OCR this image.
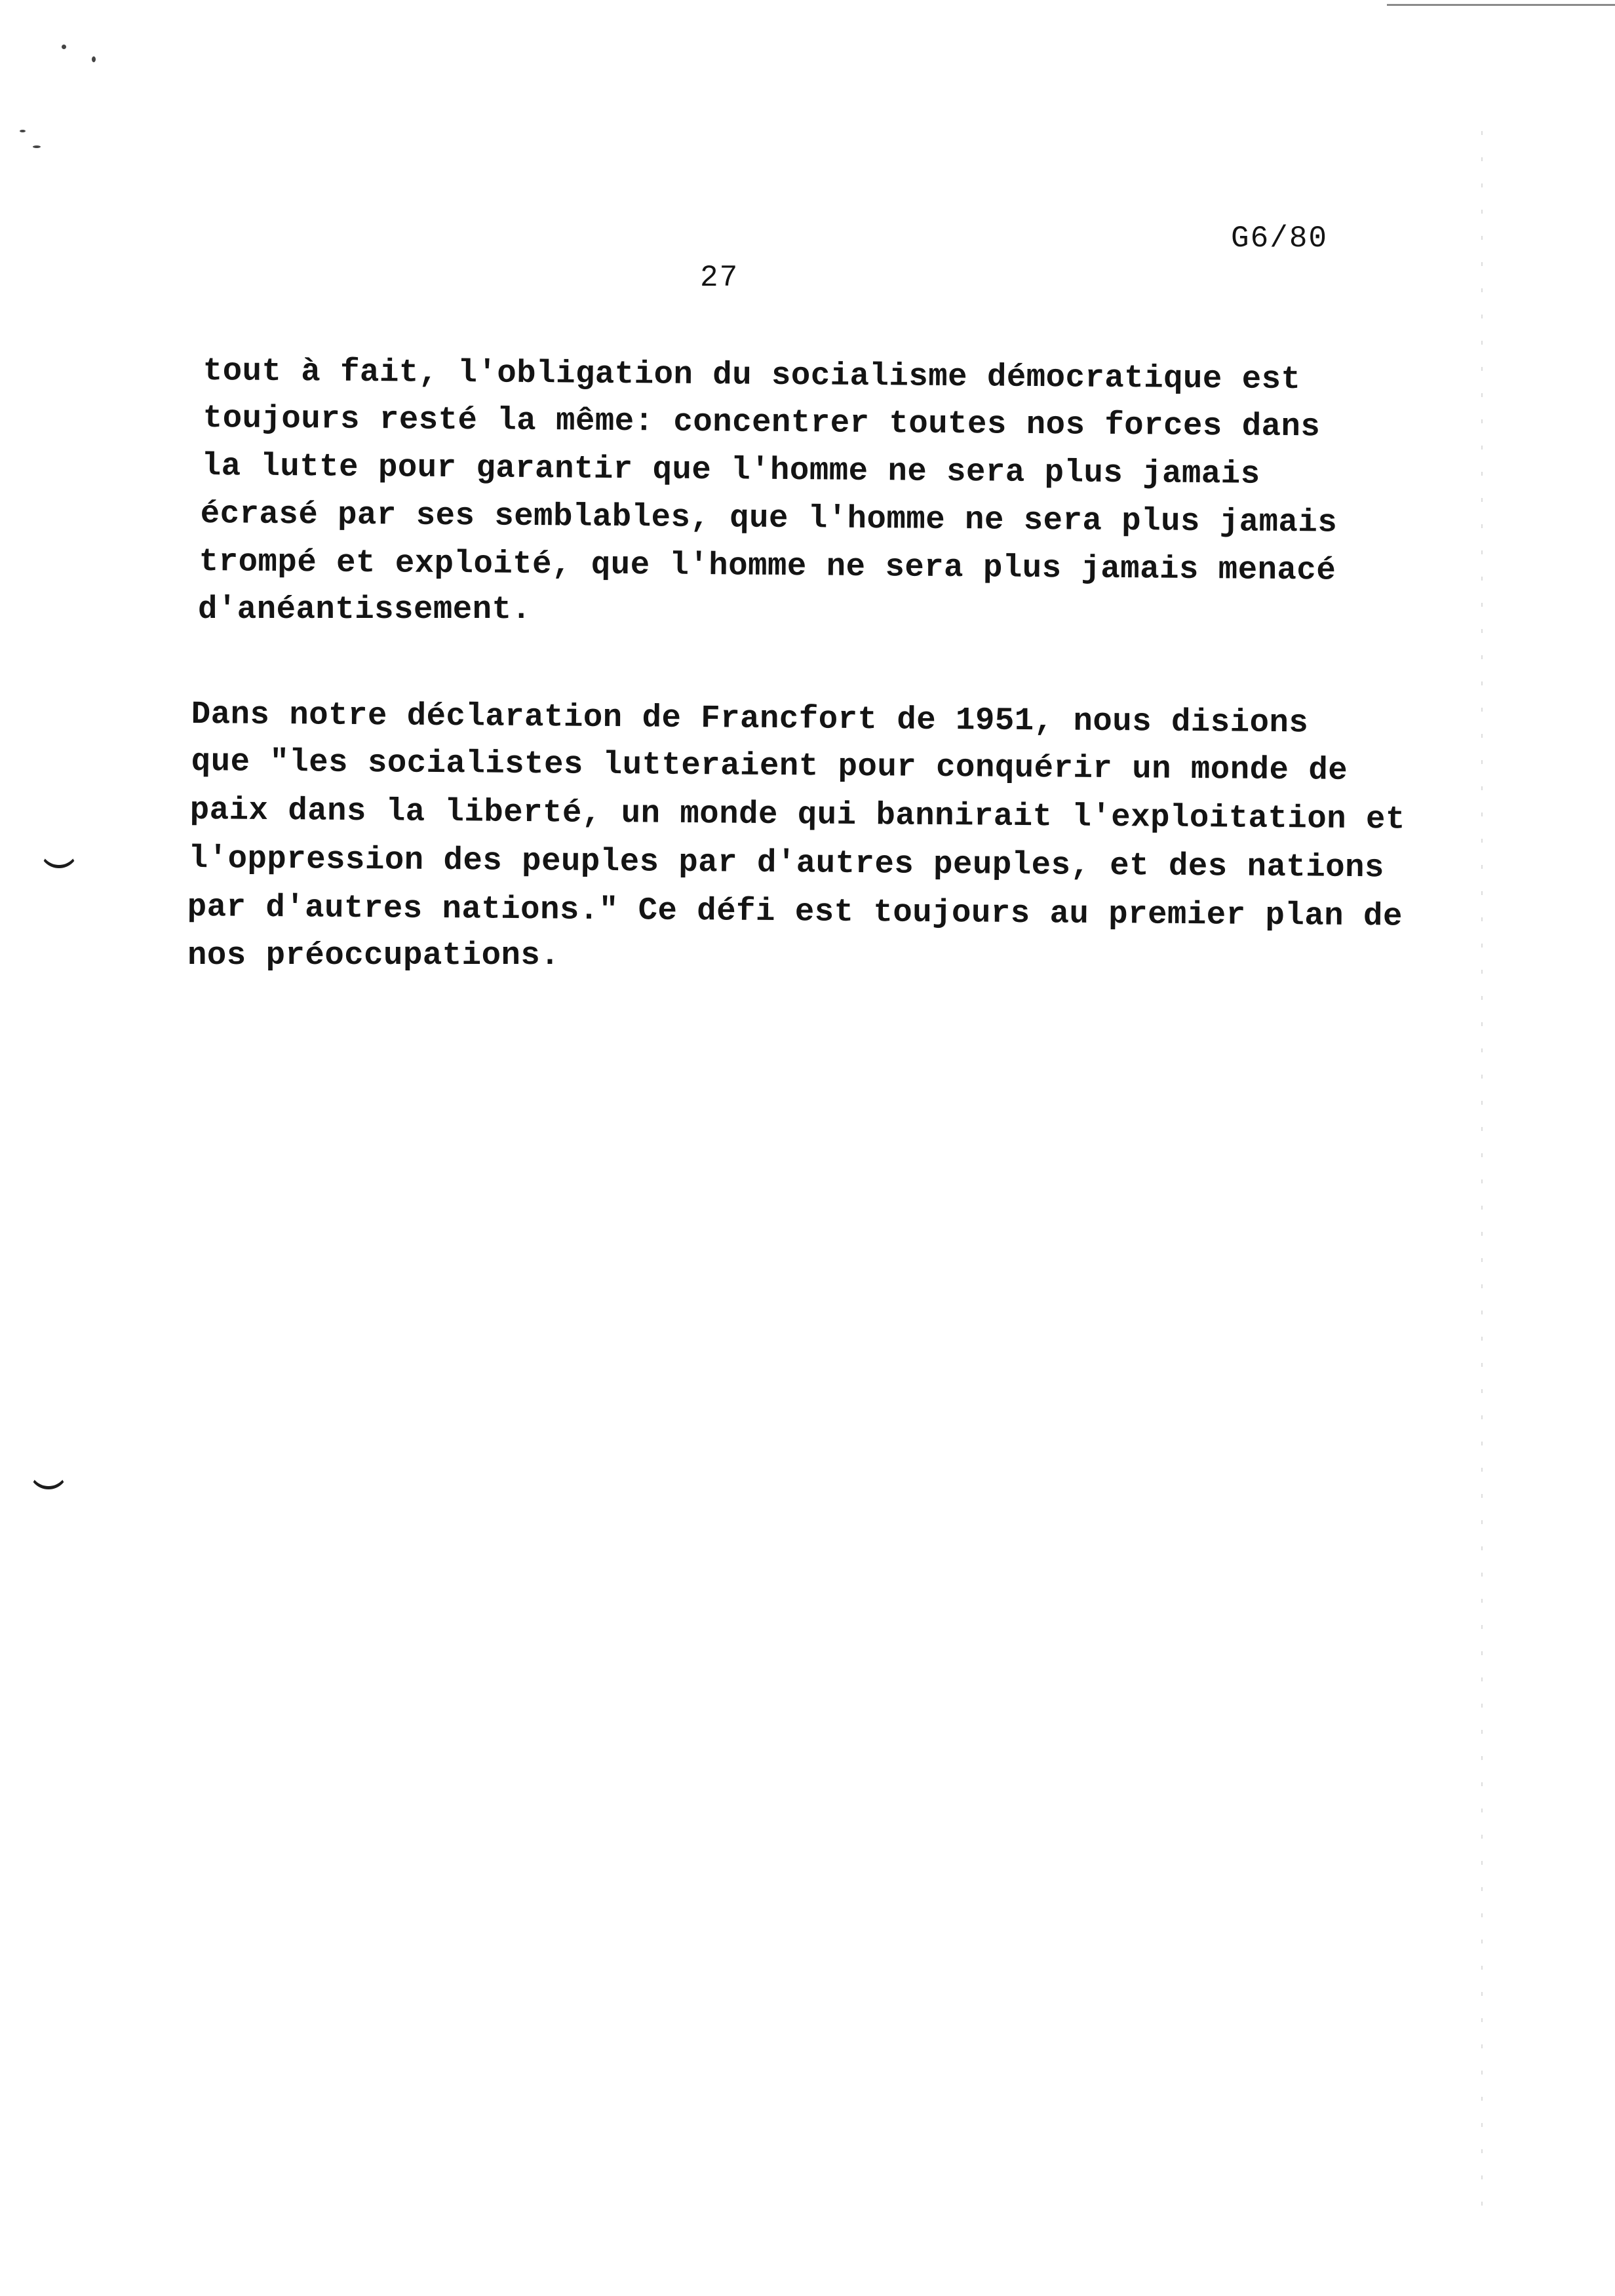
G6/80
27
tout à fait, l'obligation du socialisme démocratique est
toujours resté la même: concentrer toutes nos forces dans
la lutte pour garantir que l'homme ne sera plus jamais
écrasé par ses semblables, que l'homme ne sera plus jamais
trompé et exploité, que l'homme ne sera plus jamais menacé
d'anéantissement.
Dans notre déclaration de Francfort de 1951, nous disions
que "les socialistes lutteraient pour conquérir un monde de
paix dans la liberté, un monde qui bannirait l'exploitation et
l'oppression des peuples par d'autres peuples, et des nations
par d'autres nations." Ce défi est toujours au premier plan de
nos préoccupations.
